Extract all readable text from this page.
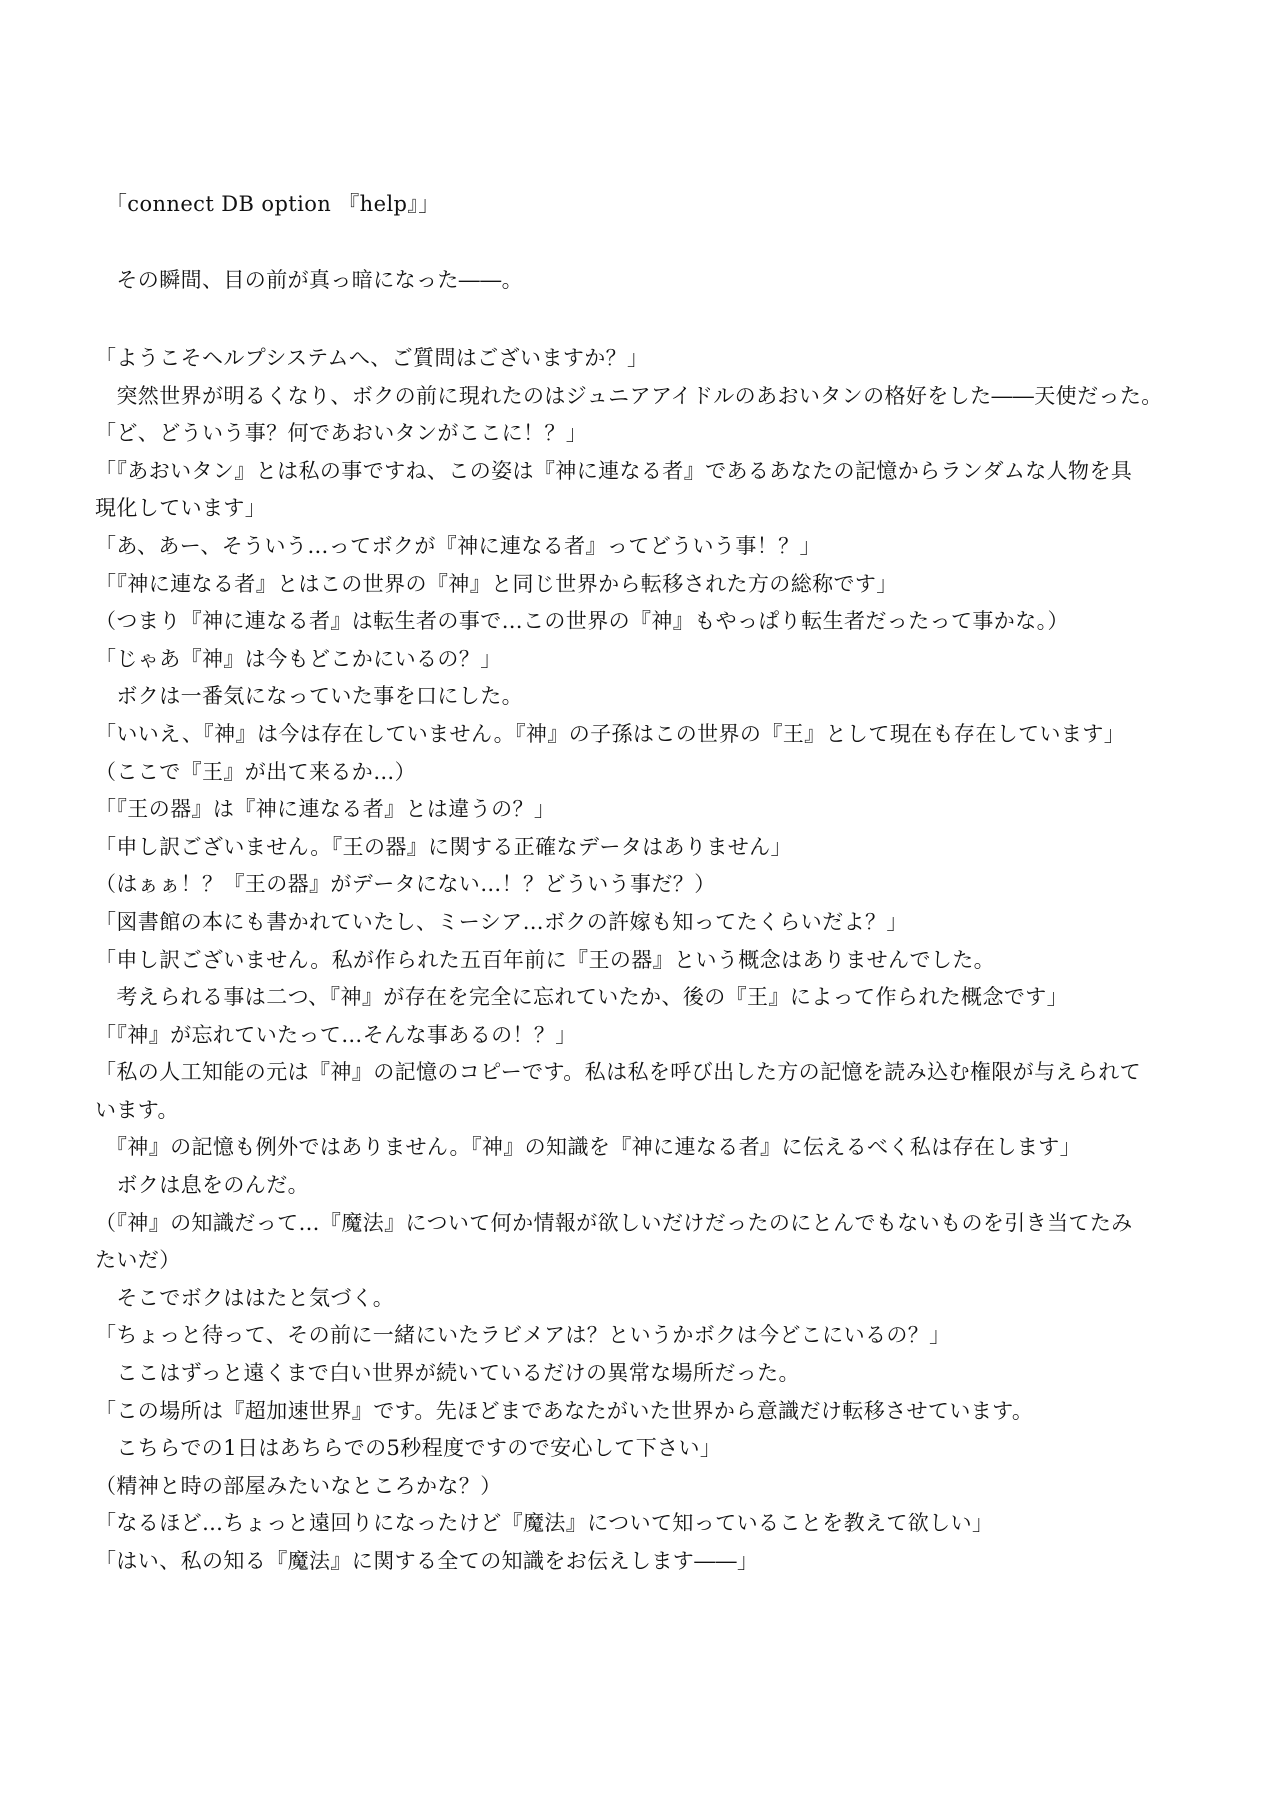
　「connect DB option 『help』」
　その瞬間、目の前が真っ暗になった――。
「ようこそヘルプシステムへ、ご質問はございますか？」
　突然世界が明るくなり、ボクの前に現れたのはジュニアアイドルのあおいタンの格好をした――天使だった。
「ど、どういう事？何であおいタンがここに！？」
「『あおいタン』とは私の事ですね、この姿は『神に連なる者』であるあなたの記憶からランダムな人物を具
現化しています」
「あ、あー、そういう…ってボクが『神に連なる者』ってどういう事！？」
「『神に連なる者』とはこの世界の『神』と同じ世界から転移された方の総称です」
（つまり『神に連なる者』は転生者の事で…この世界の『神』もやっぱり転生者だったって事かな。）
「じゃあ『神』は今もどこかにいるの？」
　ボクは一番気になっていた事を口にした。
「いいえ、『神』は今は存在していません。『神』の子孫はこの世界の『王』として現在も存在しています」
（ここで『王』が出て来るか…）
「『王の器』は『神に連なる者』とは違うの？」
「申し訳ございません。『王の器』に関する正確なデータはありません」
（はぁぁ！？『王の器』がデータにない…！？どういう事だ？）
「図書館の本にも書かれていたし、ミーシア…ボクの許嫁も知ってたくらいだよ？」
「申し訳ございません。私が作られた五百年前に『王の器』という概念はありませんでした。
　考えられる事は二つ、『神』が存在を完全に忘れていたか、後の『王』によって作られた概念です」
「『神』が忘れていたって…そんな事あるの！？」
「私の人工知能の元は『神』の記憶のコピーです。私は私を呼び出した方の記憶を読み込む権限が与えられて
います。
　『神』の記憶も例外ではありません。『神』の知識を『神に連なる者』に伝えるべく私は存在します」
　ボクは息をのんだ。
（『神』の知識だって…『魔法』について何か情報が欲しいだけだったのにとんでもないものを引き当てたみ
たいだ）
　そこでボクははたと気づく。
「ちょっと待って、その前に一緒にいたラビメアは？というかボクは今どこにいるの？」
　ここはずっと遠くまで白い世界が続いているだけの異常な場所だった。
「この場所は『超加速世界』です。先ほどまであなたがいた世界から意識だけ転移させています。
　こちらでの1日はあちらでの5秒程度ですので安心して下さい」
（精神と時の部屋みたいなところかな？）
「なるほど…ちょっと遠回りになったけど『魔法』について知っていることを教えて欲しい」
「はい、私の知る『魔法』に関する全ての知識をお伝えします――」
